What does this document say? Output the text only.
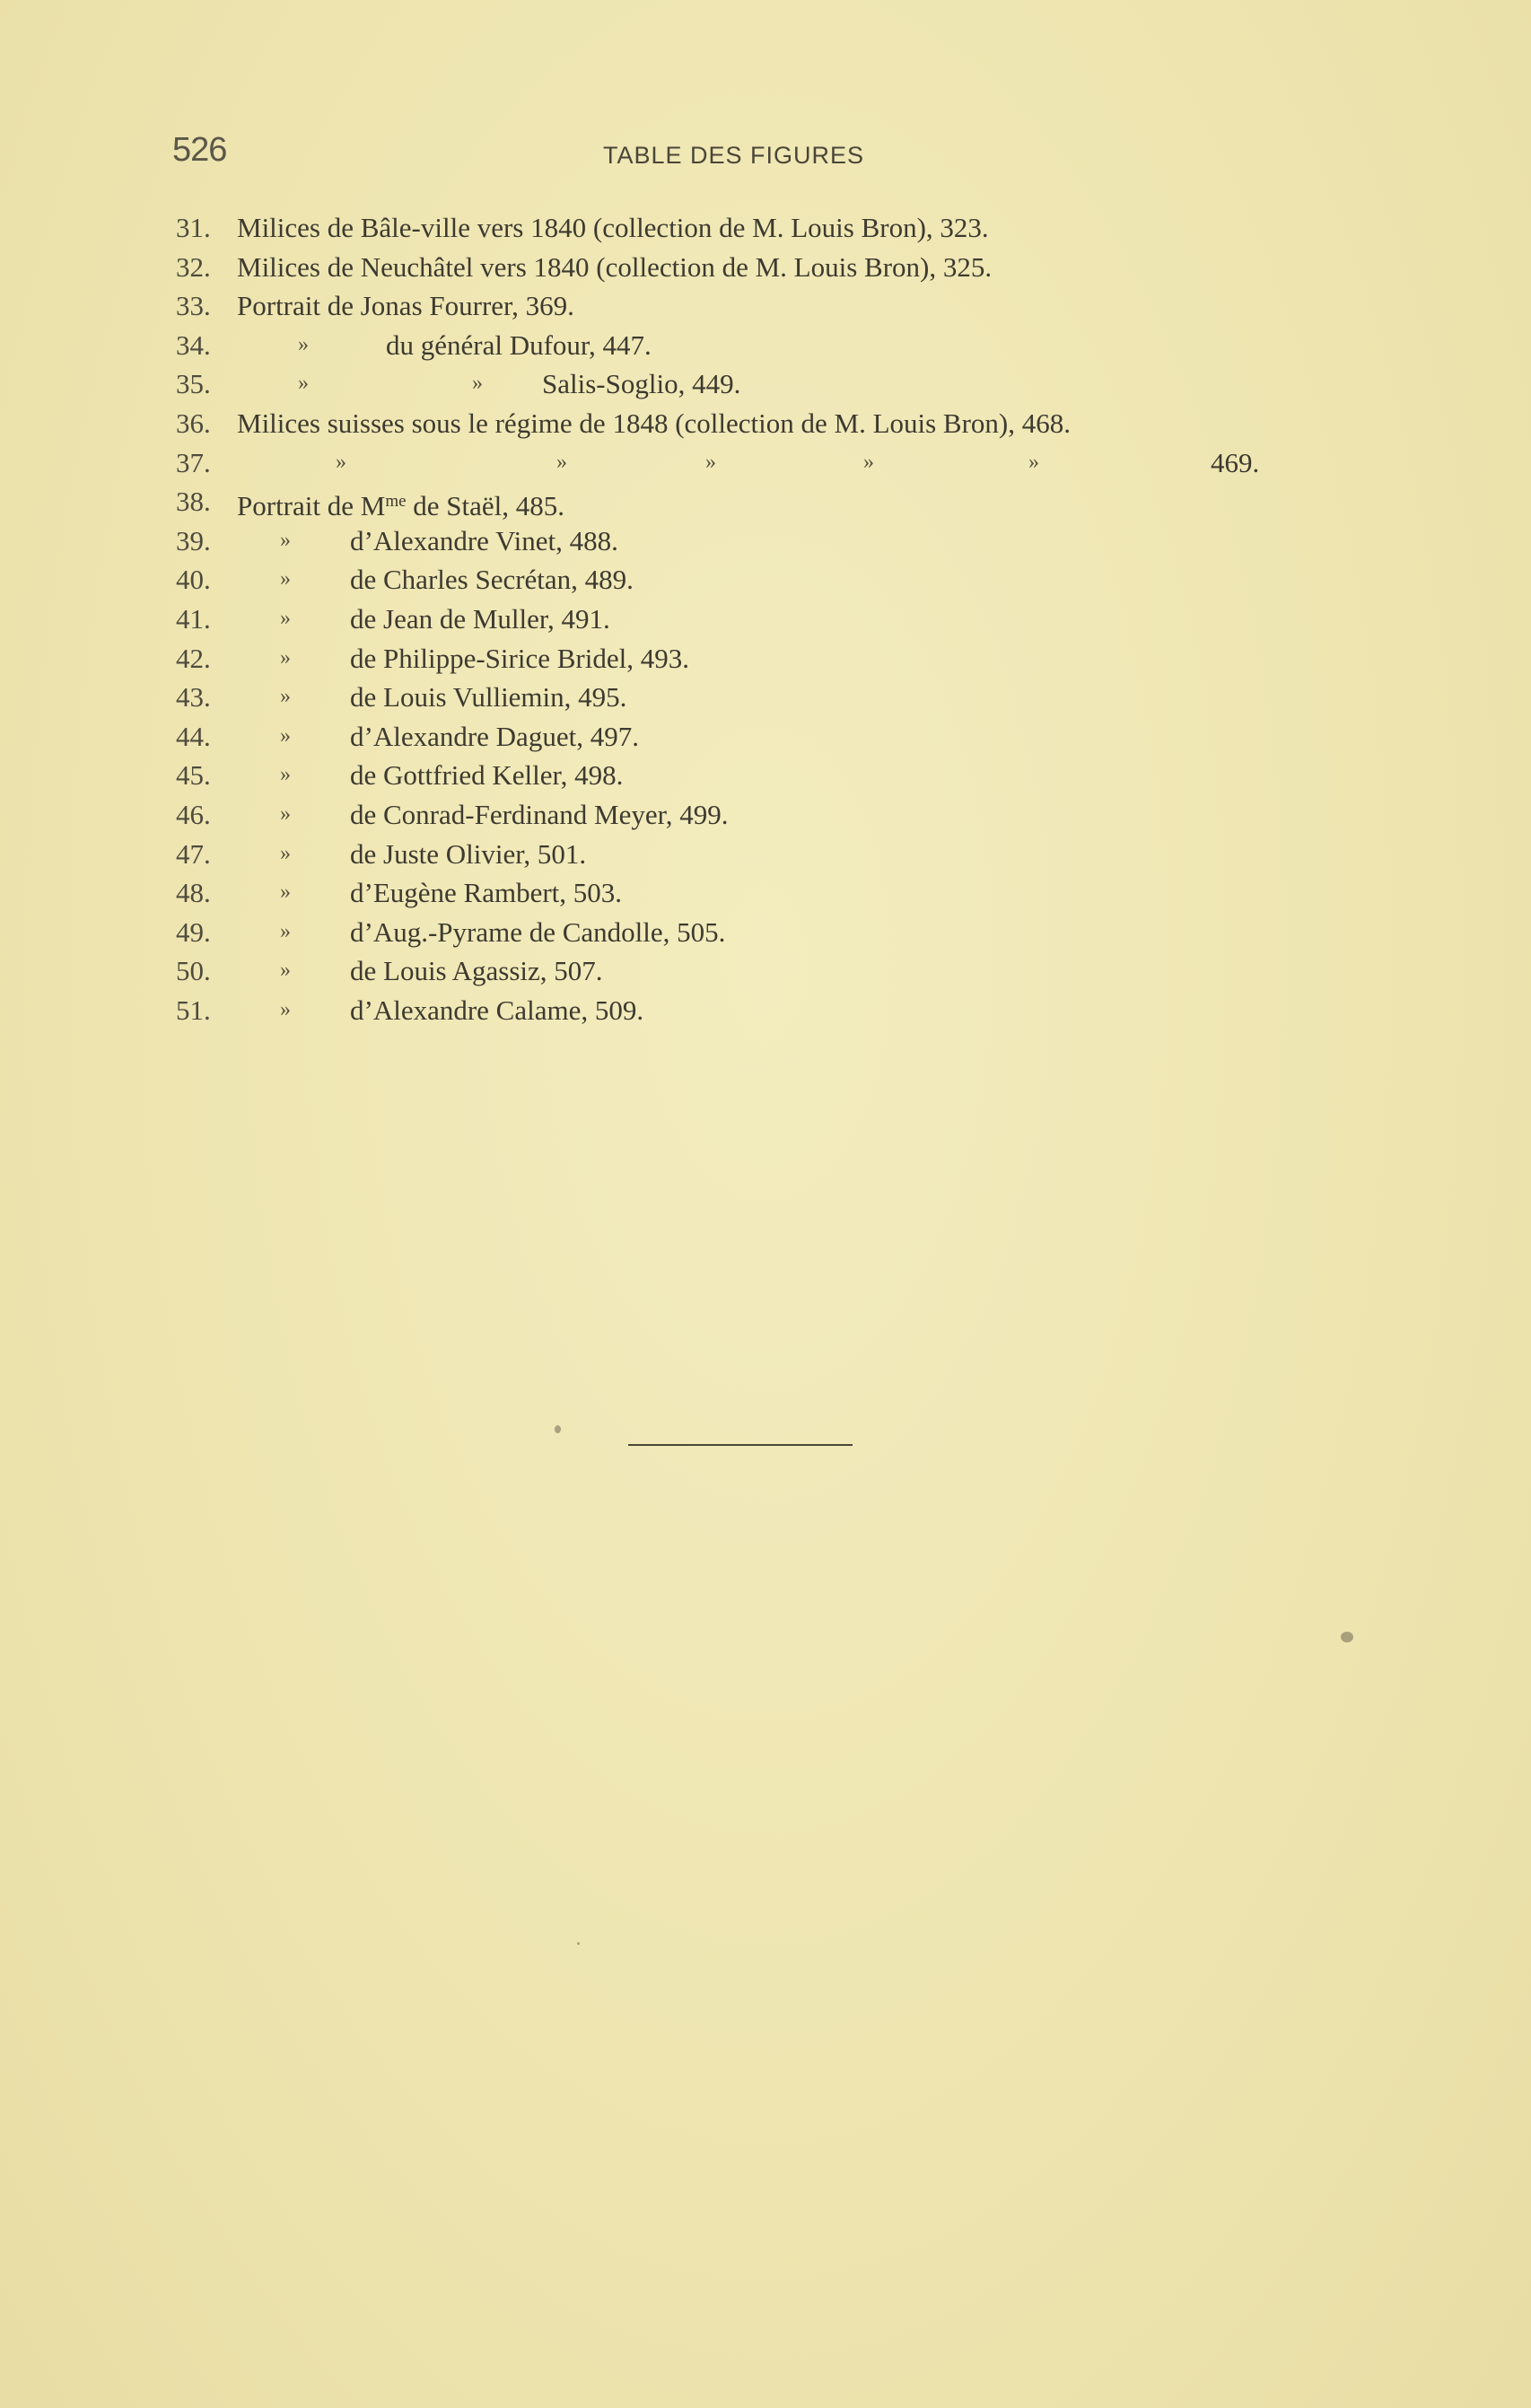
526	TABLE DES FIGURES
31. Milices de Bâle-ville vers 1840 (collection de M. Louis Bron), 323.
32. Milices de Neuchâtel vers 1840 (collection de M. Louis Bron), 325.
33. Portrait de Jonas Fourrer, 369.
34.	»	du général Dufour, 447.
35.	»	» Salis-Soglio, 449.
36. Milices suisses sous le régime de 1848 (collection de M. Louis Bron), 468.
37.	»	»	»	»	»	469.
38. Portrait de $M^{me}$ de Staël, 485.
39.	» d’Alexandre Vinet, 488.
40.	» de Charles Secrétan, 489.
41.	» de Jean de Muller, 491.
42.	» de Philippe-Sirice Bridel, 493.
43.	» de Louis Vulliemin, 495.
44.	» d’Alexandre Daguet, 497.
45.	» de Gottfried Keller, 498.
46.	» de Conrad-Ferdinand Meyer, 499.
47.	» de Juste Olivier, 501.
48.	» d’Eugène Rambert, 503.
49.	» d’Aug.-Pyrame de Candolle, 505.
50.	» de Louis Agassiz, 507.
51.	» d’Alexandre Calame, 509.
